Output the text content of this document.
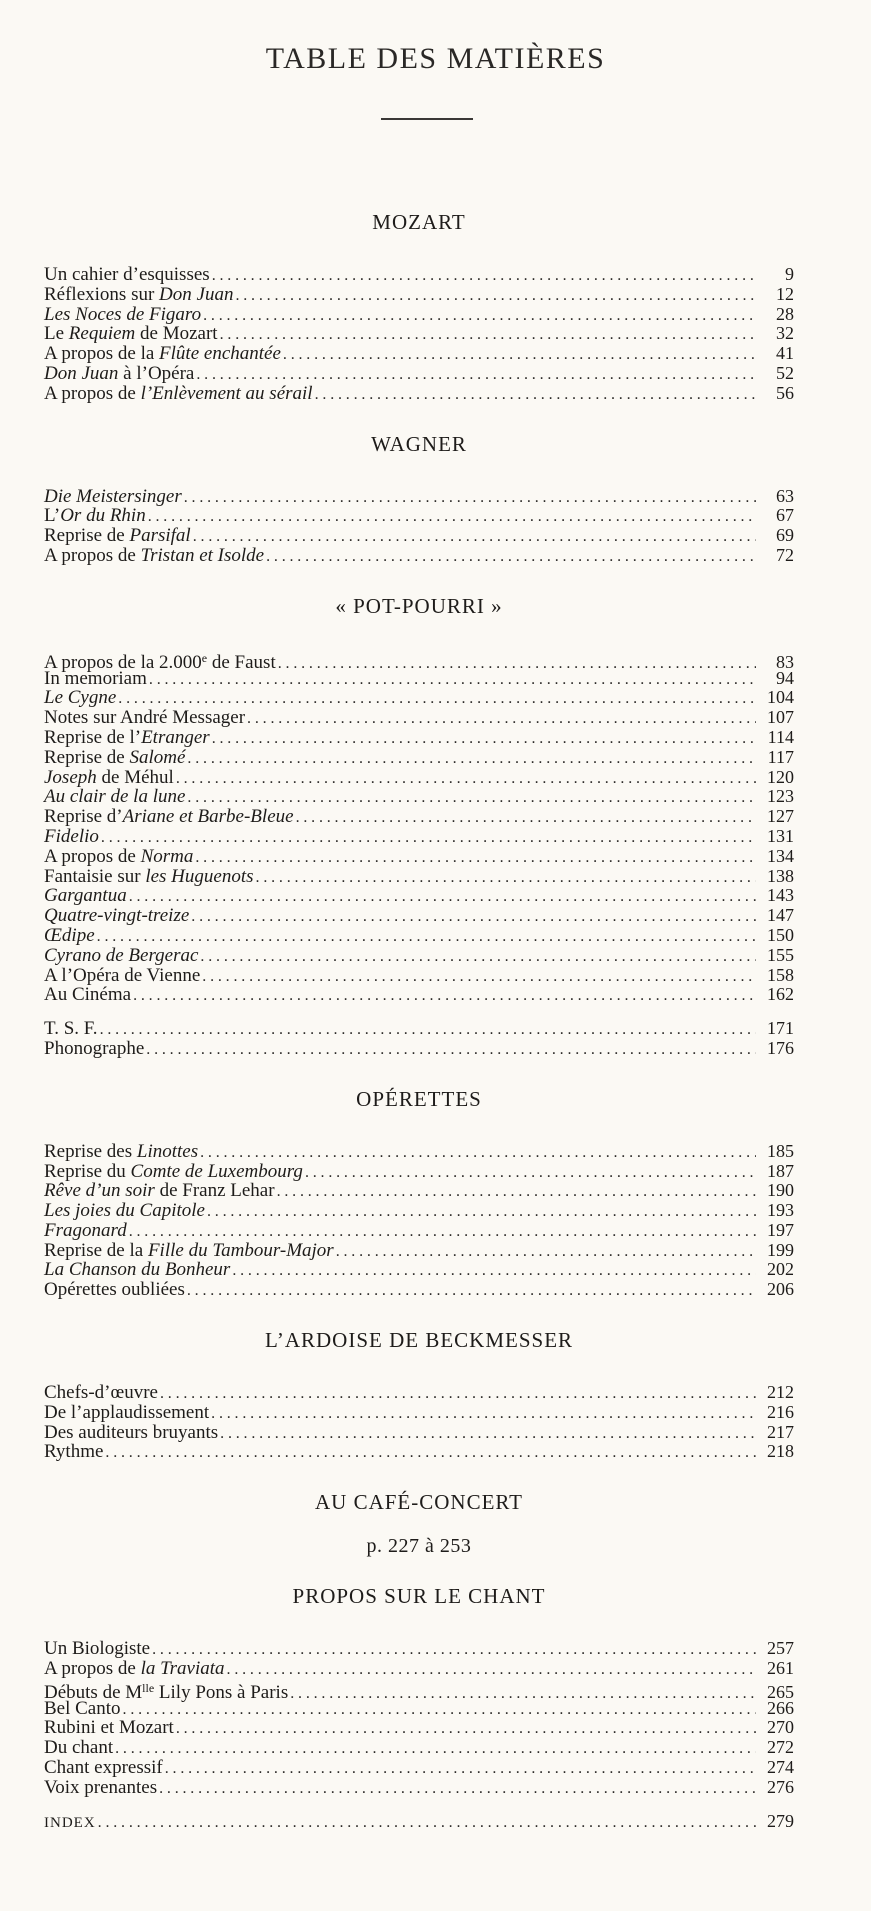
TABLE DES MATIÈRES
MOZART
Un cahier d’esquisses .....	9
Réflexions sur Don Juan .....	12
Les Noces de Figaro .....	28
Le Requiem de Mozart .....	32
A propos de la Flûte enchantée .....	41
Don Juan à l’Opéra .....	52
A propos de l’Enlèvement au sérail .....	56
WAGNER
Die Meistersinger .....	63
L’Or du Rhin .....	67
Reprise de Parsifal .....	69
A propos de Tristan et Isolde .....	72
« POT-POURRI »
A propos de la 2.000e de Faust .....	83
In memoriam .....	94
Le Cygne .....	104
Notes sur André Messager .....	107
Reprise de l’Etranger .....	114
Reprise de Salomé .....	117
Joseph de Méhul .....	120
Au clair de la lune .....	123
Reprise d’Ariane et Barbe-Bleue .....	127
Fidelio .....	131
A propos de Norma .....	134
Fantaisie sur les Huguenots .....	138
Gargantua .....	143
Quatre-vingt-treize .....	147
Œdipe .....	150
Cyrano de Bergerac .....	155
A l’Opéra de Vienne .....	158
Au Cinéma .....	162
T. S. F. .....	171
Phonographe .....	176
OPÉRETTES
Reprise des Linottes .....	185
Reprise du Comte de Luxembourg .....	187
Rêve d’un soir de Franz Lehar .....	190
Les joies du Capitole .....	193
Fragonard .....	197
Reprise de la Fille du Tambour-Major .....	199
La Chanson du Bonheur .....	202
Opérettes oubliées .....	206
L’ARDOISE DE BECKMESSER
Chefs-d’œuvre .....	212
De l’applaudissement .....	216
Des auditeurs bruyants .....	217
Rythme .....	218
AU CAFÉ-CONCERT
p. 227 à 253
PROPOS SUR LE CHANT
Un Biologiste .....	257
A propos de la Traviata .....	261
Débuts de $M^{lle}$ Lily Pons à Paris .....	265
Bel Canto .....	266
Rubini et Mozart .....	270
Du chant .....	272
Chant expressif .....	274
Voix prenantes .....	276
INDEX .....	279
